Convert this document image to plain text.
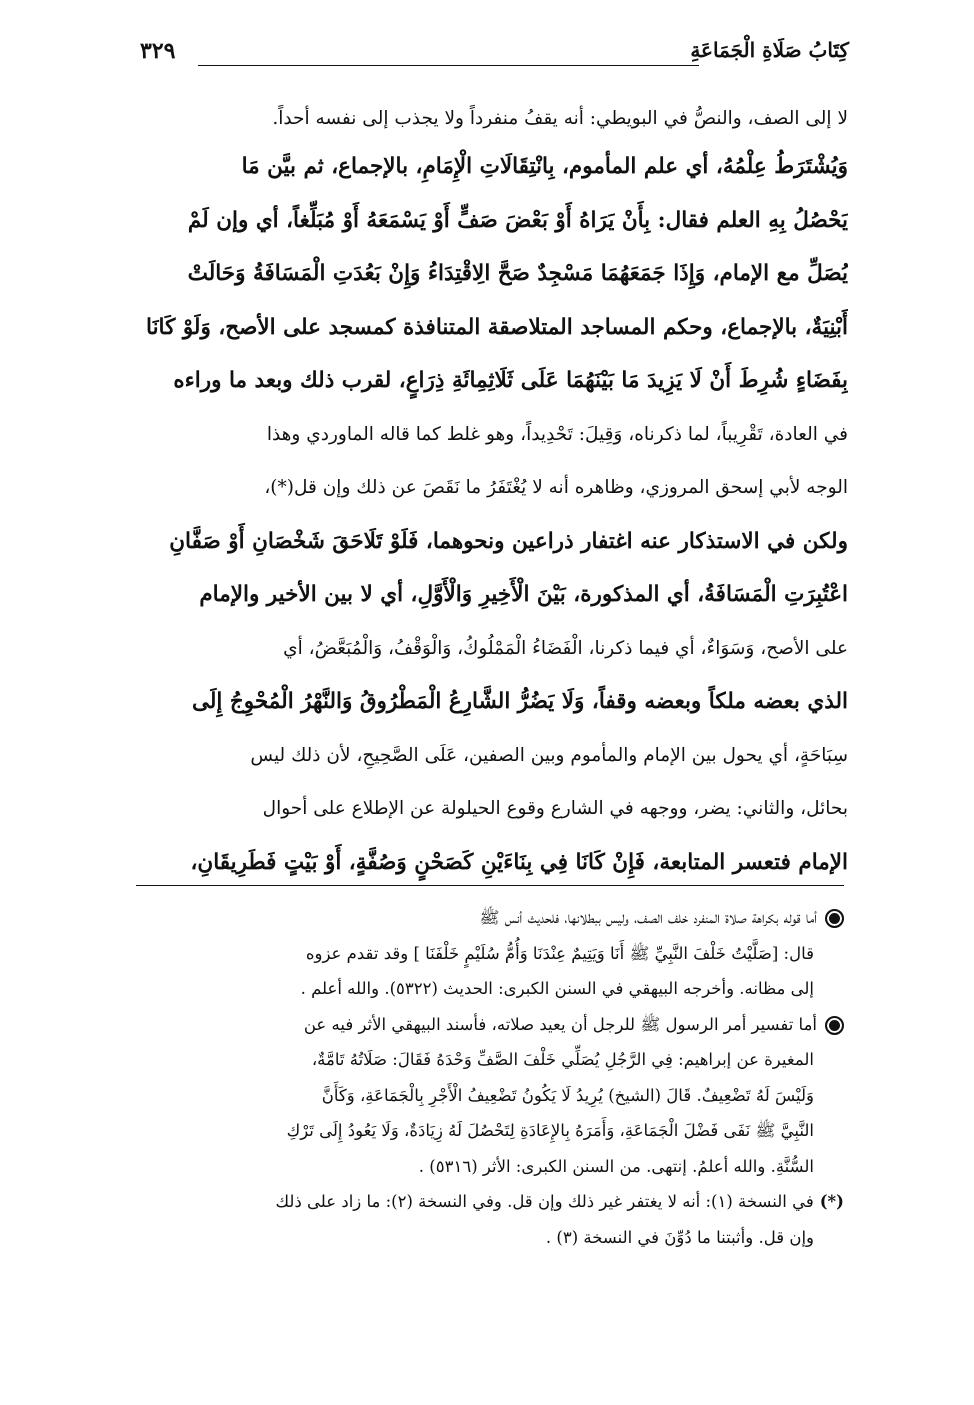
كِتَابُ صَلَاةِ الْجَمَاعَةِ
٣٢٩
لا إلى الصف، والنصُّ في البويطي: أنه يقفُ منفرداً ولا يجذب إلى نفسه أحداً.
وَيُشْتَرَطُ عِلْمُهُ، أي علم المأموم، بِانْتِقَالَاتِ الْإِمَامِ، بالإجماع، ثم بيَّن مَا
يَحْصُلُ بِهِ العلم فقال: بِأَنْ يَرَاهُ أَوْ بَعْضَ صَفٍّ أَوْ يَسْمَعَهُ أَوْ مُبَلِّغاً، أي وإن لَمْ
يُصَلِّ مع الإمام، وَإِذَا جَمَعَهُمَا مَسْجِدٌ صَحَّ الِاقْتِدَاءُ وَإِنْ بَعُدَتِ الْمَسَافَةُ وَحَالَتْ
أَبْنِيَةٌ، بالإجماع، وحكم المساجد المتلاصقة المتنافذة كمسجد على الأصح، وَلَوْ كَانَا
بِفَضَاءٍ شُرِطَ أَنْ لَا يَزِيدَ مَا بَيْنَهُمَا عَلَى ثَلَاثِمِائَةِ ذِرَاعٍ، لقرب ذلك وبعد ما وراءه
في العادة، تَقْرِيباً، لما ذكرناه، وَقِيلَ: تَحْدِيداً، وهو غلط كما قاله الماوردي وهذا
الوجه لأبي إسحق المروزي، وظاهره أنه لا يُغْتَفَرُ ما نَقَصَ عن ذلك وإن قل(*)،
ولكن في الاستذكار عنه اغتفار ذراعين ونحوهما، فَلَوْ تَلَاحَقَ شَخْصَانِ أَوْ صَفَّانِ
اعْتُبِرَتِ الْمَسَافَةُ، أي المذكورة، بَيْنَ الْأَخِيرِ وَالْأَوَّلِ، أي لا بين الأخير والإمام
على الأصح، وَسَوَاءٌ، أي فيما ذكرنا، الْفَضَاءُ الْمَمْلُوكُ، وَالْوَقْفُ، وَالْمُبَعَّضُ، أي
الذي بعضه ملكاً وبعضه وقفاً، وَلَا يَضُرُّ الشَّارِعُ الْمَطْرُوقُ وَالنَّهْرُ الْمُحْوِجُ إِلَى
سِبَاحَةٍ، أي يحول بين الإمام والمأموم وبين الصفين، عَلَى الصَّحِيحِ، لأن ذلك ليس
بحائل، والثاني: يضر، ووجهه في الشارع وقوع الحيلولة عن الإطلاع على أحوال
الإمام فتعسر المتابعة، فَإِنْ كَانَا فِي بِنَاءَيْنِ كَصَحْنٍ وَصُفَّةٍ، أَوْ بَيْتٍ فَطَرِيقَانِ،
أما قوله بكراهة صلاة المنفرد خلف الصف، وليس ببطلانها، فلحديث أنس ﷺ
قال: [صَلَّيْتُ خَلْفَ النَّبِيِّ ﷺ أَنَا وَيَتِيمٌ عِنْدَنَا وَأُمُّ سُلَيْمٍ خَلْفَنَا ] وقد تقدم عزوه
إلى مظانه. وأخرجه البيهقي في السنن الكبرى: الحديث (٥٣٢٢). والله أعلم .
أما تفسير أمر الرسول ﷺ للرجل أن يعيد صلاته، فأسند البيهقي الأثر فيه عن
المغيرة عن إبراهيم: فِي الرَّجُلِ يُصَلِّي خَلْفَ الصَّفِّ وَحْدَهُ فَقَالَ: صَلَاتُهُ تَامَّةٌ،
وَلَيْسَ لَهُ تَضْعِيفٌ. قَالَ (الشيخ) يُرِيدُ لَا يَكُونُ تَضْعِيفُ الْأَجْرِ بِالْجَمَاعَةِ، وَكَأَنَّ
النَّبِيَّ ﷺ نَفَى فَضْلَ الْجَمَاعَةِ، وَأَمَرَهُ بِالإِعَادَةِ لِتَحْصُلَ لَهُ زِيَادَةٌ، وَلَا يَعُودُ إِلَى تَرْكِ
السُّنَّةِ. والله أعلمُ. إنتهى. من السنن الكبرى: الأثر (٥٣١٦) .
(*)في النسخة (١): أنه لا يغتفر غير ذلك وإن قل. وفي النسخة (٢): ما زاد على ذلك
وإن قل. وأثبتنا ما دُوِّنَ في النسخة (٣) .
